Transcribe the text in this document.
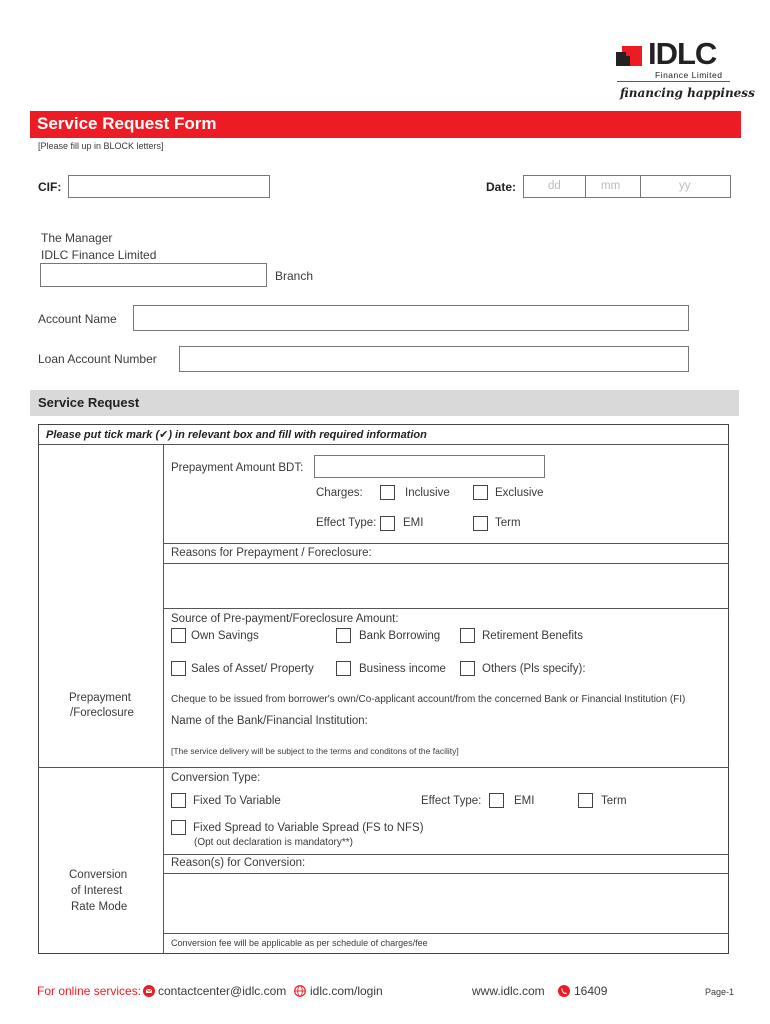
IDLC
Finance Limited
financing happiness
Service Request Form
[Please fill up in BLOCK letters]
CIF:	Date:	dd	mm	yy
The Manager
IDLC Finance Limited
Branch
Account Name
Loan Account Number
Service Request
Please put tick mark (✔) in relevant box and fill with required information
Prepayment
/Foreclosure
Prepayment Amount BDT:
Charges:	Inclusive	Exclusive
Effect Type: EMI	Term
Reasons for Prepayment / Foreclosure:
Source of Pre-payment/Foreclosure Amount:
Own Savings	Bank Borrowing	Retirement Benefits
Sales of Asset/ Property	Business income	Others (Pls specify):
Cheque to be issued from borrower's own/Co-applicant account/from the concerned Bank or Financial Institution (FI)
Name of the Bank/Financial Institution:
[The service delivery will be subject to the terms and conditons of the facility]
Conversion
of Interest
Rate Mode
Conversion Type:
Fixed To Variable	Effect Type:	EMI	Term
Fixed Spread to Variable Spread (FS to NFS)
(Opt out declaration is mandatory**)
Reason(s) for Conversion:
Conversion fee will be applicable as per schedule of charges/fee
For online services: contactcenter@idlc.com idlc.com/login	www.idlc.com 16409	Page-1
